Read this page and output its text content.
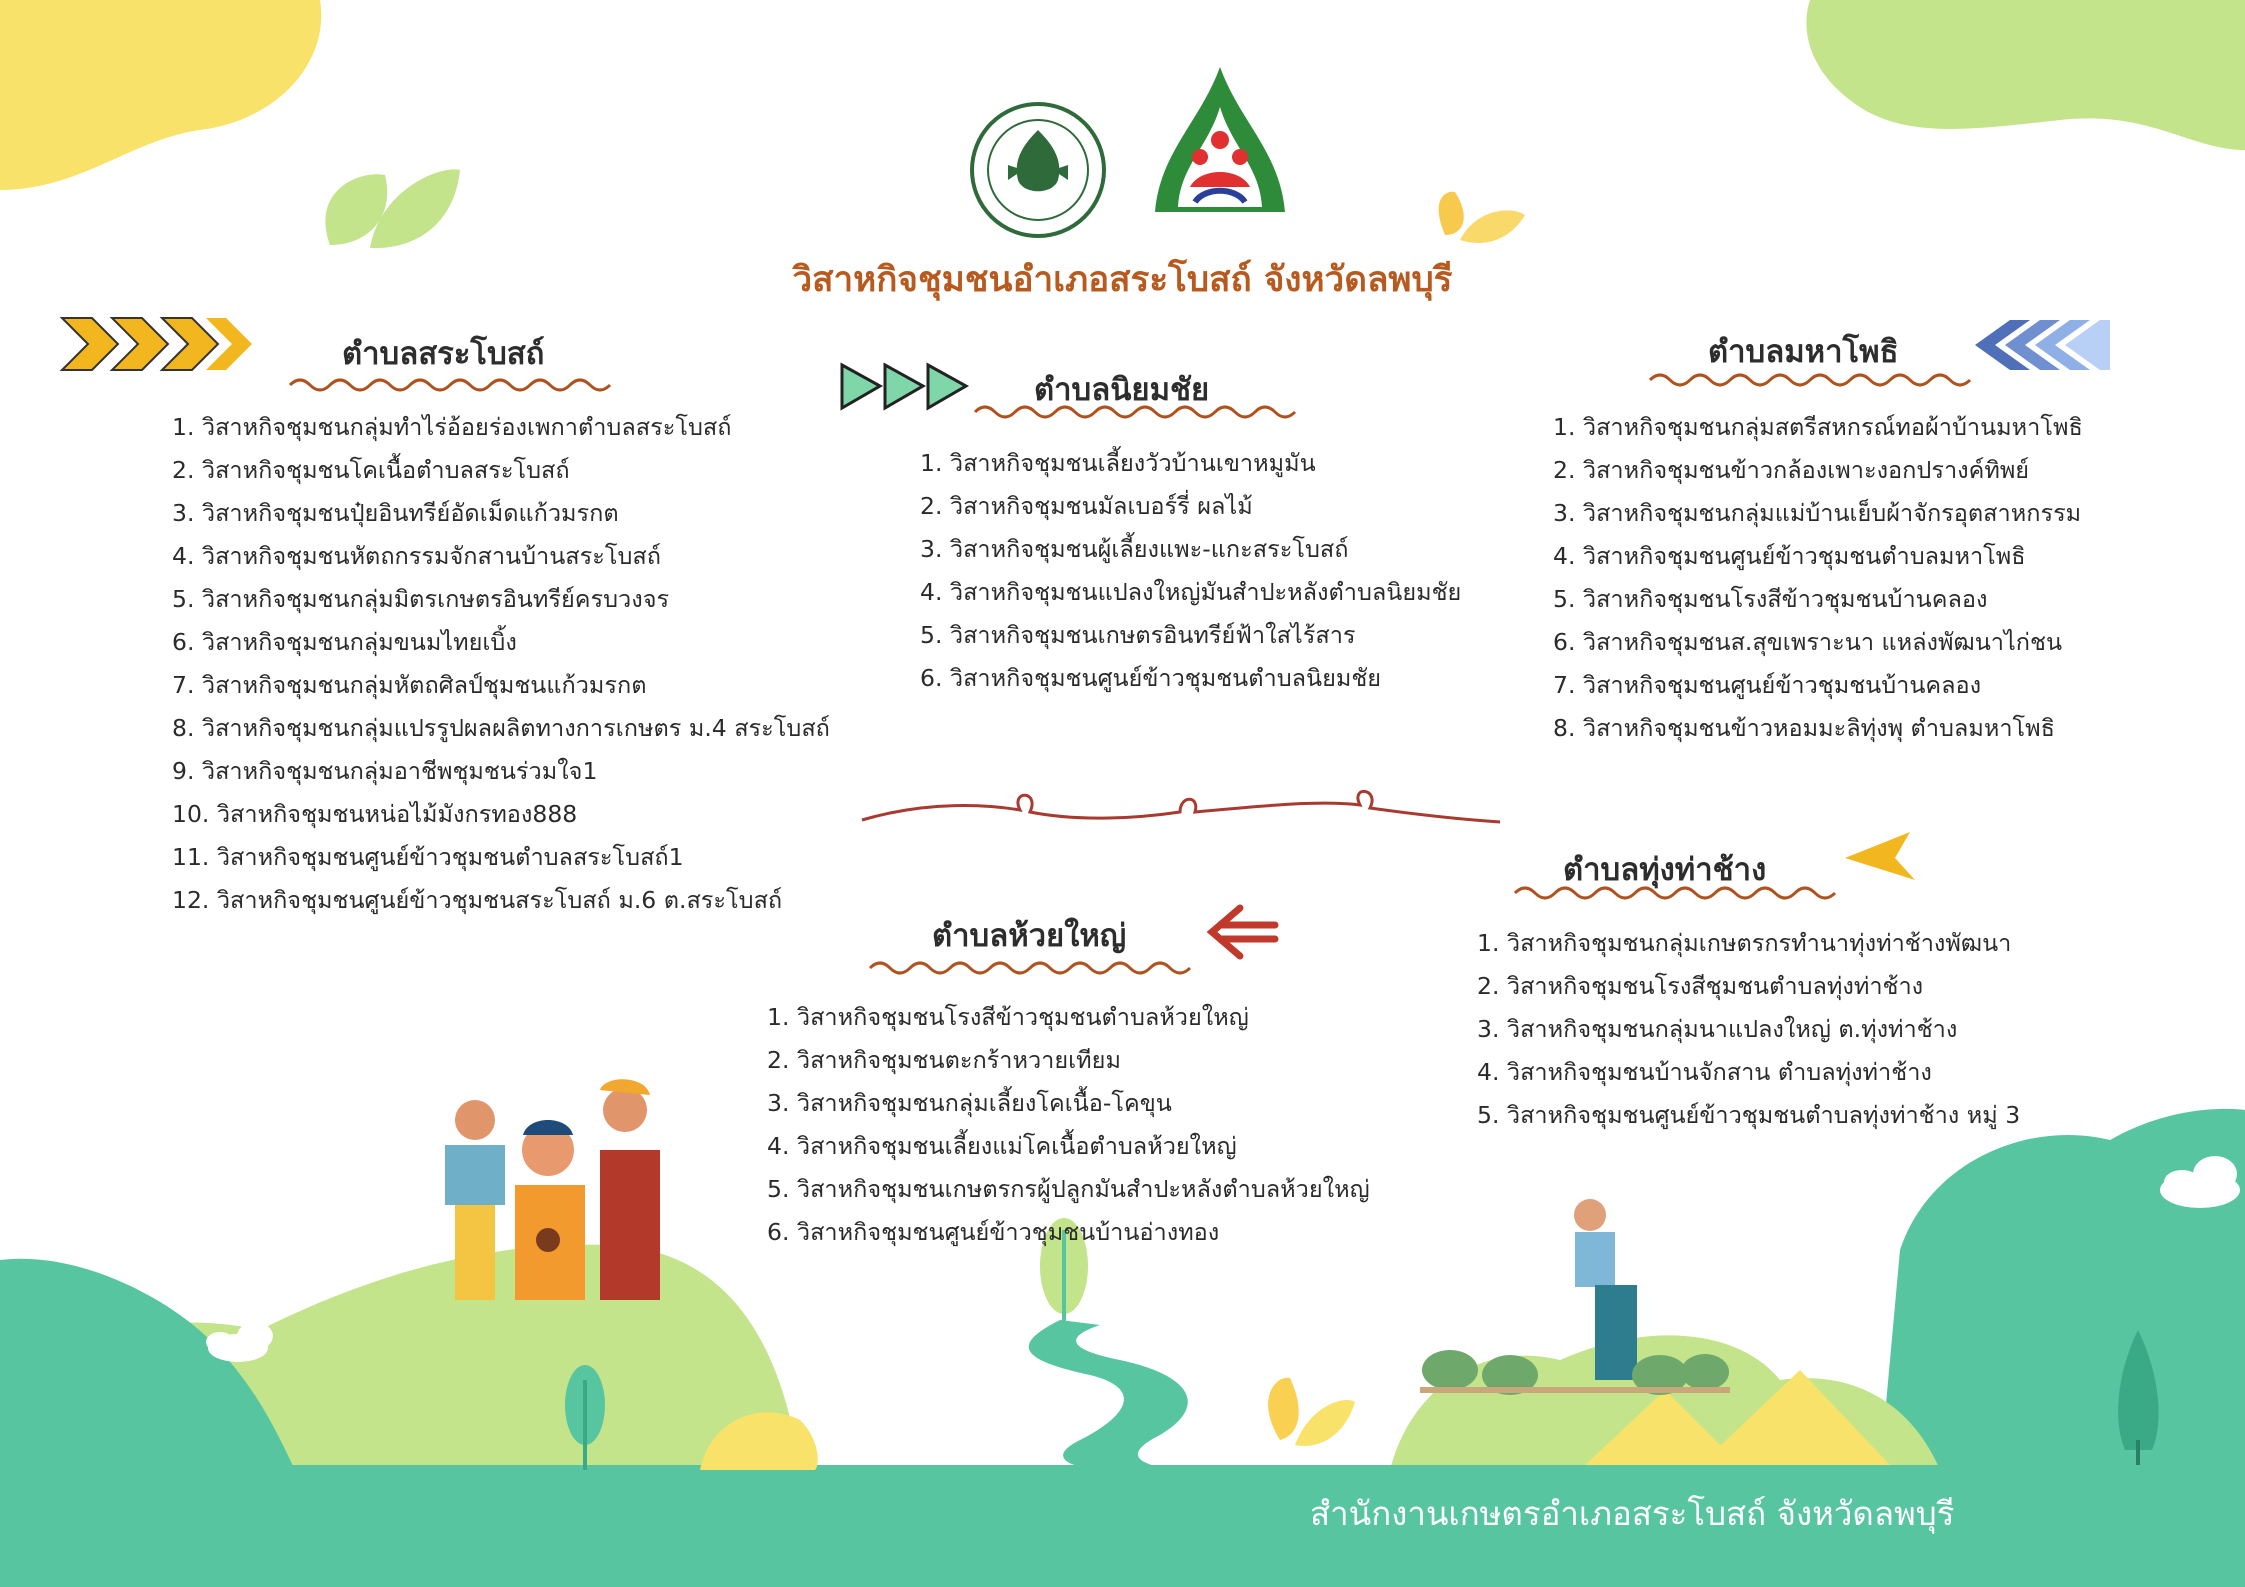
วิสาหกิจชุมชนอำเภอสระโบสถ์ จังหวัดลพบุรี
ตำบลสระโบสถ์
1. วิสาหกิจชุมชนกลุ่มทำไร่อ้อยร่องเพกาตำบลสระโบสถ์
2. วิสาหกิจชุมชนโคเนื้อตำบลสระโบสถ์
3. วิสาหกิจชุมชนปุ๋ยอินทรีย์อัดเม็ดแก้วมรกต
4. วิสาหกิจชุมชนหัตถกรรมจักสานบ้านสระโบสถ์
5. วิสาหกิจชุมชนกลุ่มมิตรเกษตรอินทรีย์ครบวงจร
6. วิสาหกิจชุมชนกลุ่มขนมไทยเบิ้ง
7. วิสาหกิจชุมชนกลุ่มหัตถศิลป์ชุมชนแก้วมรกต
8. วิสาหกิจชุมชนกลุ่มแปรรูปผลผลิตทางการเกษตร ม.4 สระโบสถ์
9. วิสาหกิจชุมชนกลุ่มอาชีพชุมชนร่วมใจ1
10. วิสาหกิจชุมชนหน่อไม้มังกรทอง888
11. วิสาหกิจชุมชนศูนย์ข้าวชุมชนตำบลสระโบสถ์1
12. วิสาหกิจชุมชนศูนย์ข้าวชุมชนสระโบสถ์ ม.6 ต.สระโบสถ์
ตำบลนิยมชัย
1. วิสาหกิจชุมชนเลี้ยงวัวบ้านเขาหมูมัน
2. วิสาหกิจชุมชนมัลเบอร์รี่ ผลไม้
3. วิสาหกิจชุมชนผู้เลี้ยงแพะ-แกะสระโบสถ์
4. วิสาหกิจชุมชนแปลงใหญ่มันสำปะหลังตำบลนิยมชัย
5. วิสาหกิจชุมชนเกษตรอินทรีย์ฟ้าใสไร้สาร
6. วิสาหกิจชุมชนศูนย์ข้าวชุมชนตำบลนิยมชัย
ตำบลมหาโพธิ
1. วิสาหกิจชุมชนกลุ่มสตรีสหกรณ์ทอผ้าบ้านมหาโพธิ
2. วิสาหกิจชุมชนข้าวกล้องเพาะงอกปรางค์ทิพย์
3. วิสาหกิจชุมชนกลุ่มแม่บ้านเย็บผ้าจักรอุตสาหกรรม
4. วิสาหกิจชุมชนศูนย์ข้าวชุมชนตำบลมหาโพธิ
5. วิสาหกิจชุมชนโรงสีข้าวชุมชนบ้านคลอง
6. วิสาหกิจชุมชนส.สุขเพราะนา แหล่งพัฒนาไก่ชน
7. วิสาหกิจชุมชนศูนย์ข้าวชุมชนบ้านคลอง
8. วิสาหกิจชุมชนข้าวหอมมะลิทุ่งพุ ตำบลมหาโพธิ
ตำบลทุ่งท่าช้าง
1. วิสาหกิจชุมชนกลุ่มเกษตรกรทำนาทุ่งท่าช้างพัฒนา
2. วิสาหกิจชุมชนโรงสีชุมชนตำบลทุ่งท่าช้าง
3. วิสาหกิจชุมชนกลุ่มนาแปลงใหญ่ ต.ทุ่งท่าช้าง
4. วิสาหกิจชุมชนบ้านจักสาน ตำบลทุ่งท่าช้าง
5. วิสาหกิจชุมชนศูนย์ข้าวชุมชนตำบลทุ่งท่าช้าง หมู่ 3
ตำบลห้วยใหญ่
1. วิสาหกิจชุมชนโรงสีข้าวชุมชนตำบลห้วยใหญ่
2. วิสาหกิจชุมชนตะกร้าหวายเทียม
3. วิสาหกิจชุมชนกลุ่มเลี้ยงโคเนื้อ-โคขุน
4. วิสาหกิจชุมชนเลี้ยงแม่โคเนื้อตำบลห้วยใหญ่
5. วิสาหกิจชุมชนเกษตรกรผู้ปลูกมันสำปะหลังตำบลห้วยใหญ่
6. วิสาหกิจชุมชนศูนย์ข้าวชุมชนบ้านอ่างทอง
สำนักงานเกษตรอำเภอสระโบสถ์ จังหวัดลพบุรี
